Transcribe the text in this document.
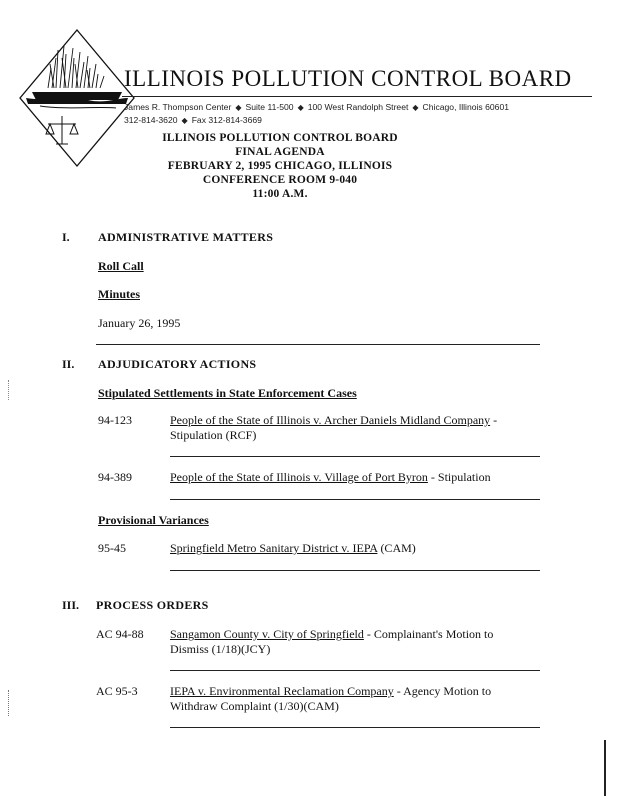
ILLINOIS POLLUTION CONTROL BOARD
James R. Thompson Center ◆ Suite 11-500 ◆ 100 West Randolph Street ◆ Chicago, Illinois 60601
312-814-3620 ◆ Fax 312-814-3669
ILLINOIS POLLUTION CONTROL BOARD
FINAL AGENDA
FEBRUARY 2, 1995 CHICAGO, ILLINOIS
CONFERENCE ROOM 9-040
11:00 A.M.
I. ADMINISTRATIVE MATTERS
Roll Call
Minutes
January 26, 1995
II. ADJUDICATORY ACTIONS
Stipulated Settlements in State Enforcement Cases
94-123	People of the State of Illinois v. Archer Daniels Midland Company - Stipulation (RCF)
94-389	People of the State of Illinois v. Village of Port Byron - Stipulation
Provisional Variances
95-45	Springfield Metro Sanitary District v. IEPA (CAM)
III. PROCESS ORDERS
AC 94-88 Sangamon County v. City of Springfield - Complainant's Motion to Dismiss (1/18)(JCY)
AC 95-3	IEPA v. Environmental Reclamation Company - Agency Motion to Withdraw Complaint (1/30)(CAM)
